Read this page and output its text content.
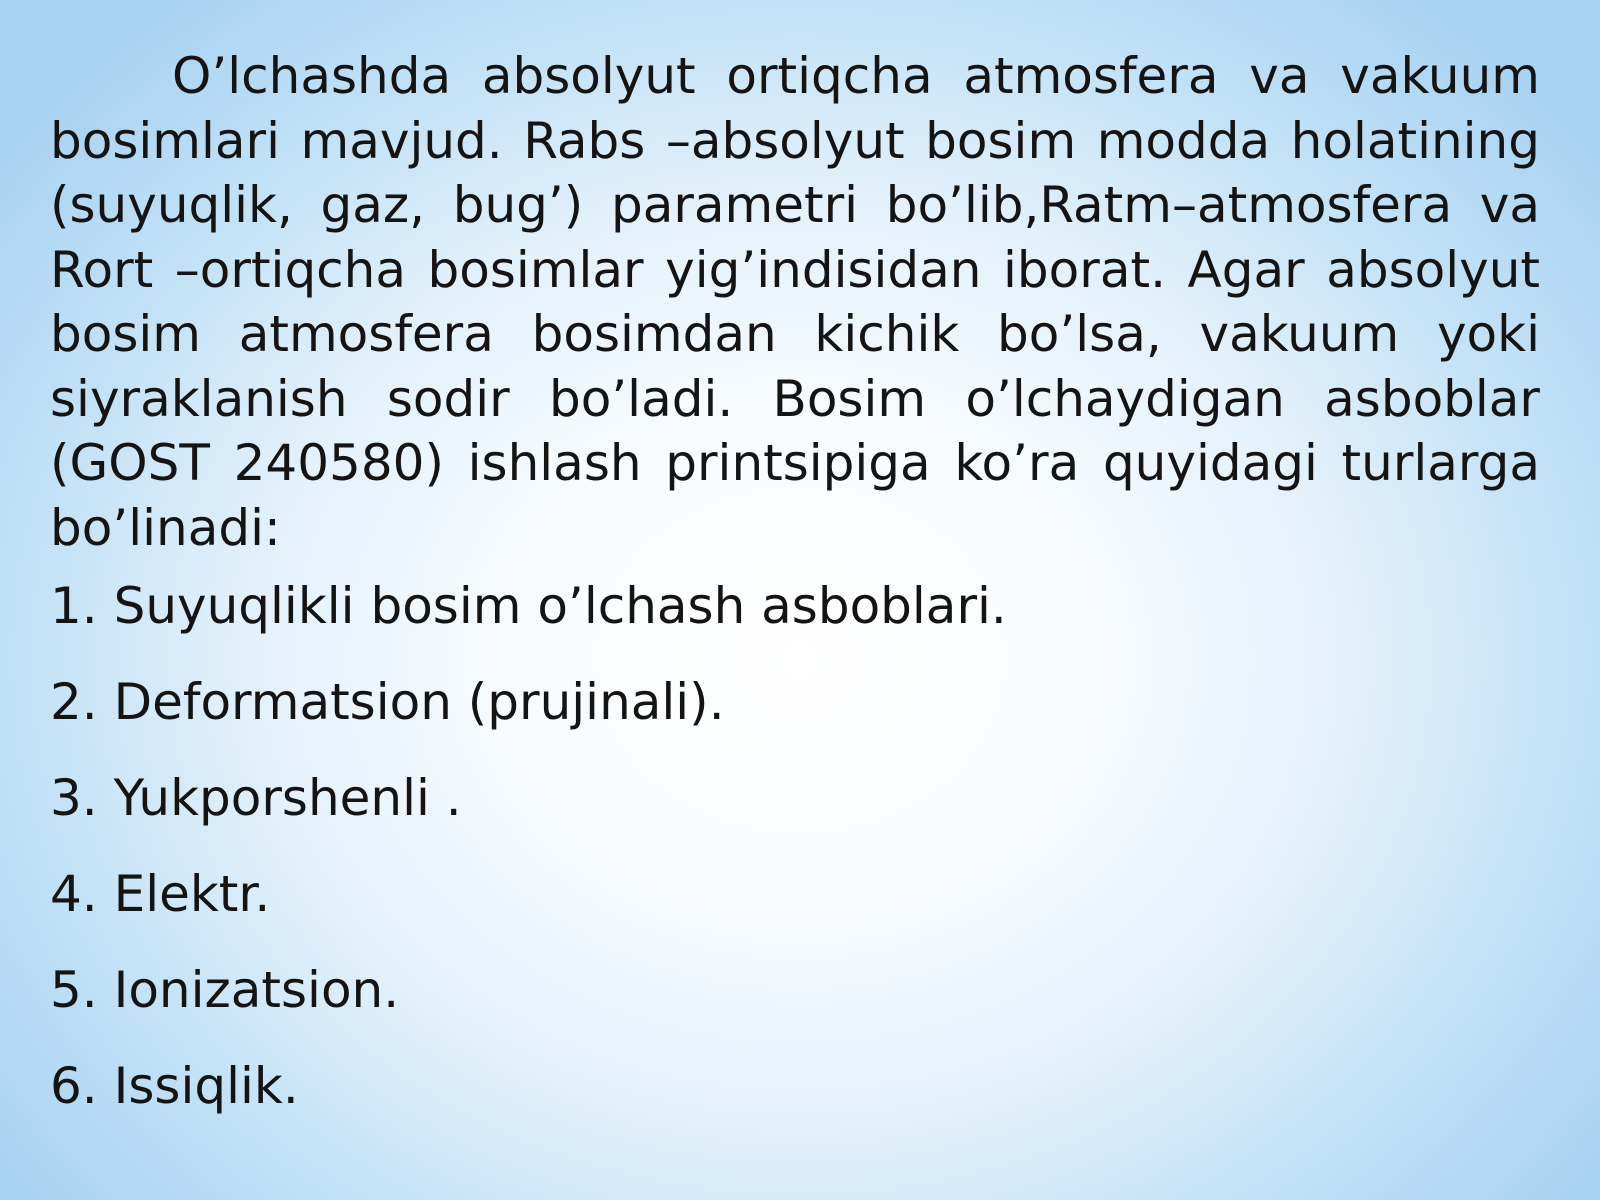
O’lchashda absolyut ortiqcha atmosfera va vakuum bosimlari mavjud. Rabs –absolyut bosim modda holatining (suyuqlik, gaz, bug’) parametri bo’lib,Ratm–atmosfera va Rort –ortiqcha bosimlar yig’indisidan iborat. Agar absolyut bosim atmosfera bosimdan kichik bo’lsa, vakuum yoki siyraklanish sodir bo’ladi. Bosim o’lchaydigan asboblar (GOST 240580) ishlash printsipiga ko’ra quyidagi turlarga bo’linadi:

1. Suyuqlikli bosim o’lchash asboblari.
2. Deformatsion (prujinali).
3. Yukporshenli .
4. Elektr.
5. Ionizatsion.
6. Issiqlik.
